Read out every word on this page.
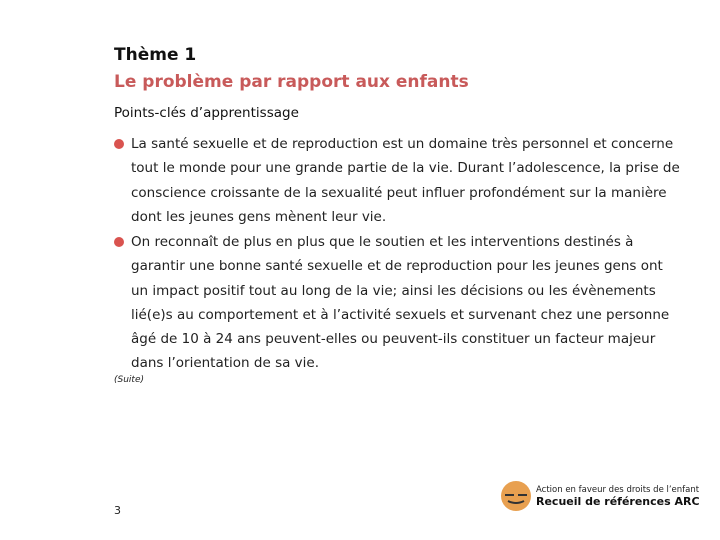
Thème 1
Le problème par rapport aux enfants
Points-clés d’apprentissage
La santé sexuelle et de reproduction est un domaine très personnel et concerne tout le monde pour une grande partie de la vie. Durant l’adolescence, la prise de conscience croissante de la sexualité peut influer profondément sur la manière dont les jeunes gens mènent leur vie.
On reconnaît de plus en plus que le soutien et les interventions destinés à garantir une bonne santé sexuelle et de reproduction pour les jeunes gens ont un impact positif tout au long de la vie; ainsi les décisions ou les évènements lié(e)s au comportement et à l’activité sexuels et survenant chez une personne âgé de 10 à 24 ans peuvent-elles ou peuvent-ils constituer un facteur majeur dans l’orientation de sa vie.
(Suite)
3
Action en faveur des droits de l’enfant
Recueil de références ARC
